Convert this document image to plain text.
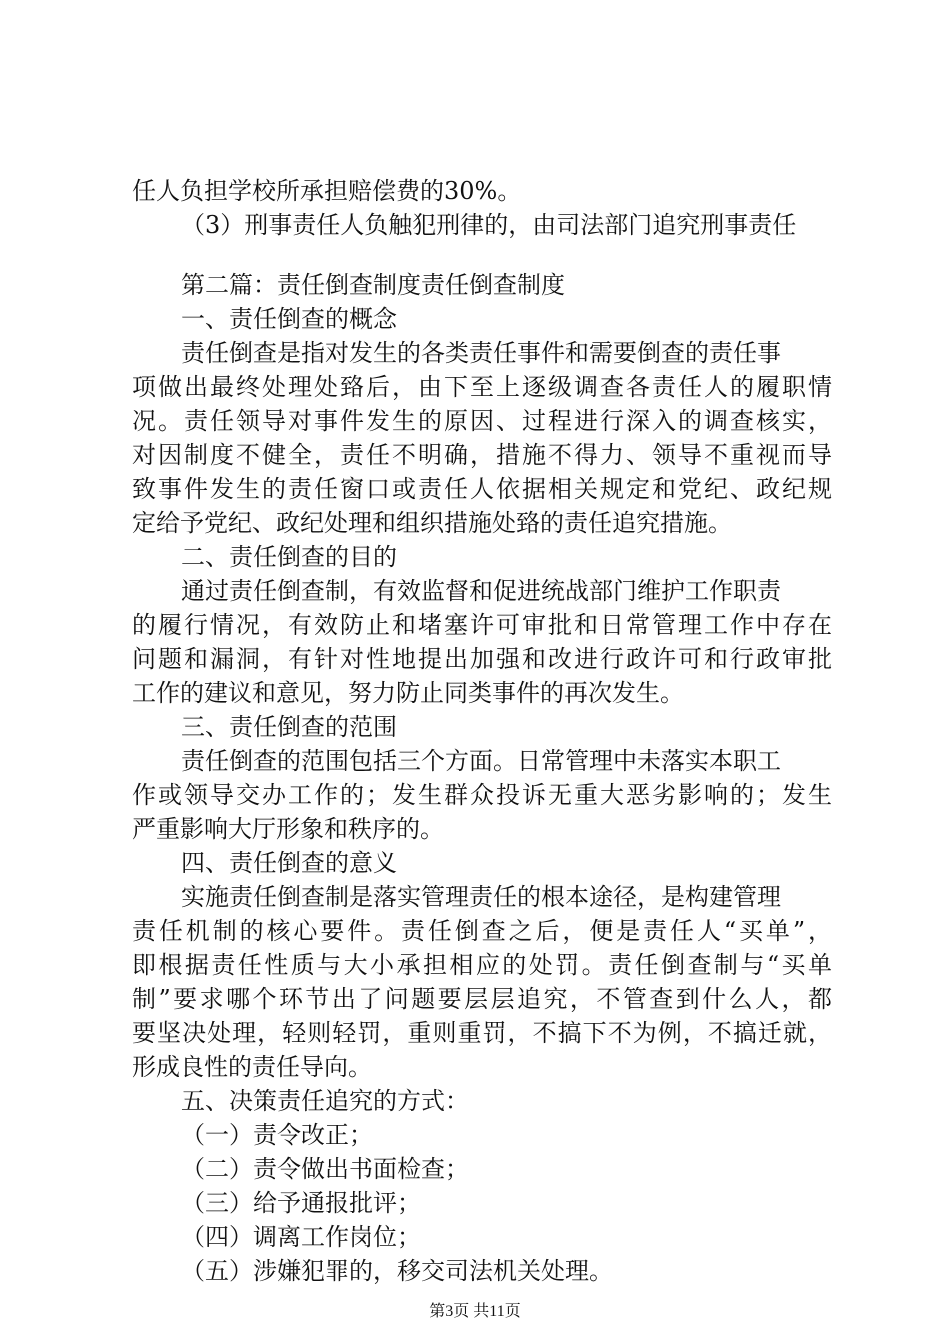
任人负担学校所承担赔偿费的30%。
（3）刑事责任人负触犯刑律的，由司法部门追究刑事责任
第二篇：责任倒查制度责任倒查制度
一、责任倒查的概念
责任倒查是指对发生的各类责任事件和需要倒查的责任事
项做出最终处理处臵后，由下至上逐级调查各责任人的履职情
况。责任领导对事件发生的原因、过程进行深入的调查核实，
对因制度不健全，责任不明确，措施不得力、领导不重视而导
致事件发生的责任窗口或责任人依据相关规定和党纪、政纪规
定给予党纪、政纪处理和组织措施处臵的责任追究措施。
二、责任倒查的目的
通过责任倒查制，有效监督和促进统战部门维护工作职责
的履行情况，有效防止和堵塞许可审批和日常管理工作中存在
问题和漏洞，有针对性地提出加强和改进行政许可和行政审批
工作的建议和意见，努力防止同类事件的再次发生。
三、责任倒查的范围
责任倒查的范围包括三个方面。日常管理中未落实本职工
作或领导交办工作的；发生群众投诉无重大恶劣影响的；发生
严重影响大厅形象和秩序的。
四、责任倒查的意义
实施责任倒查制是落实管理责任的根本途径，是构建管理
责任机制的核心要件。责任倒查之后，便是责任人“买单”，
即根据责任性质与大小承担相应的处罚。责任倒查制与“买单
制”要求哪个环节出了问题要层层追究，不管查到什么人，都
要坚决处理，轻则轻罚，重则重罚，不搞下不为例，不搞迁就，
形成良性的责任导向。
五、决策责任追究的方式：
（一）责令改正；
（二）责令做出书面检查；
（三）给予通报批评；
（四）调离工作岗位；
（五）涉嫌犯罪的，移交司法机关处理。
第3页 共11页
